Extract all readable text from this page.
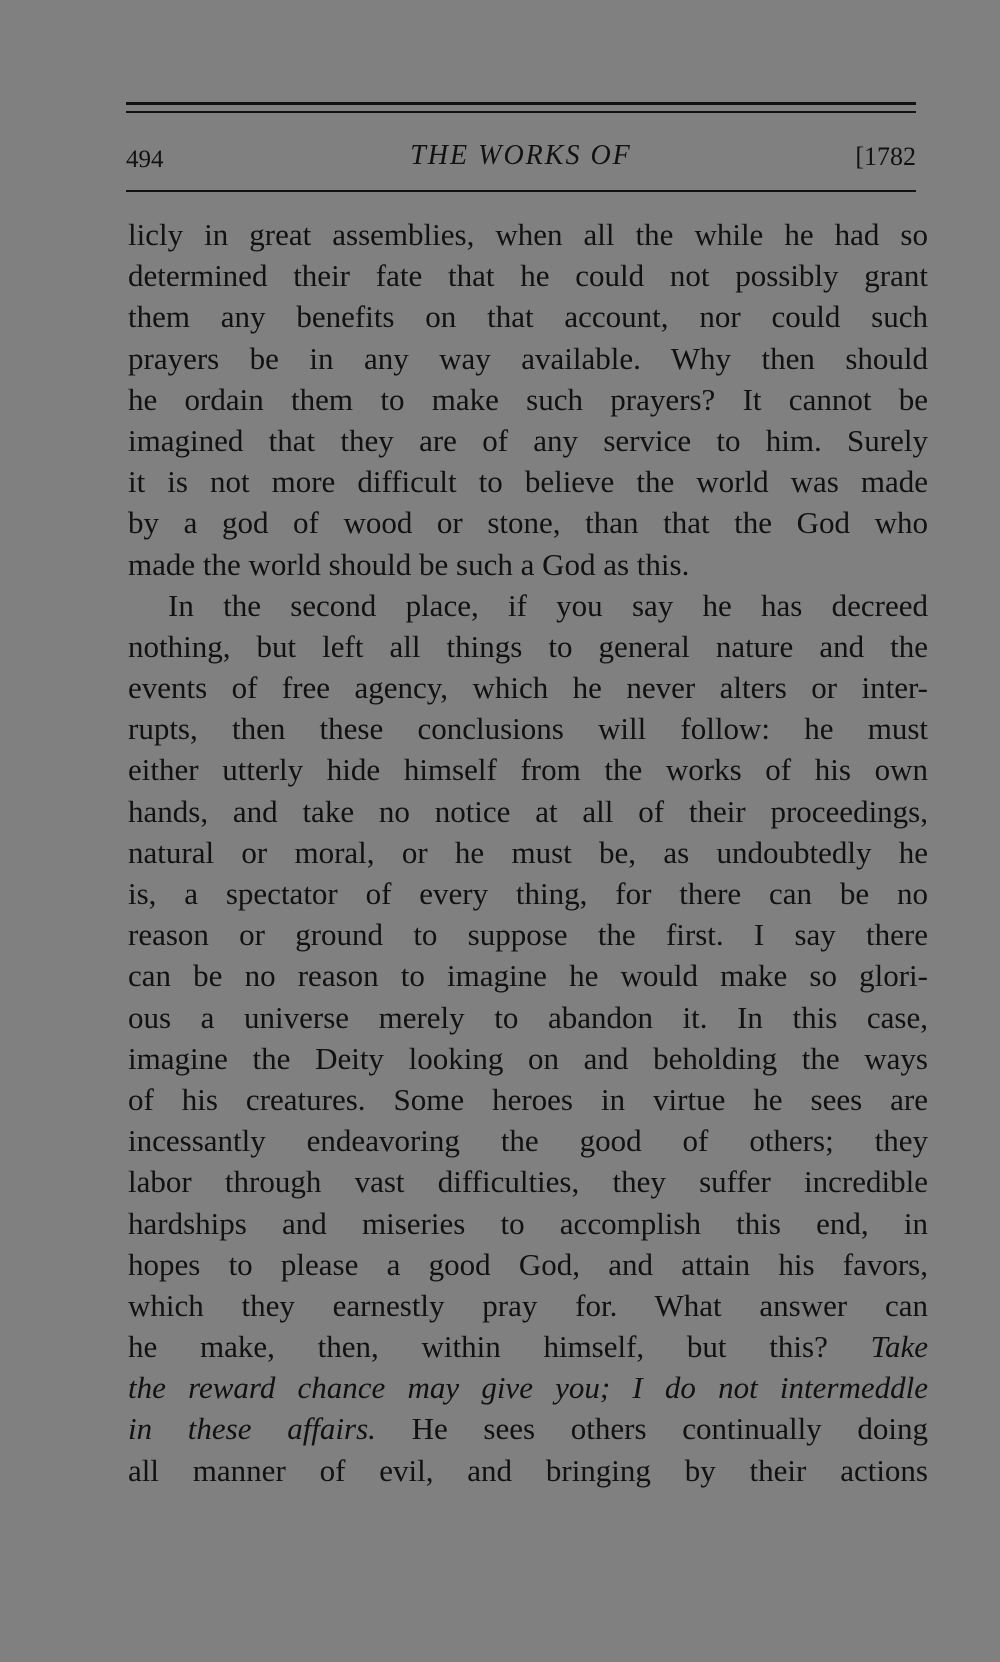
494	THE WORKS OF	[1782
licly in great assemblies, when all the while he had so
determined their fate that he could not possibly grant
them any benefits on that account, nor could such
prayers be in any way available. Why then should
he ordain them to make such prayers? It cannot be
imagined that they are of any service to him. Surely
it is not more difficult to believe the world was made
by a god of wood or stone, than that the God who
made the world should be such a God as this.
In the second place, if you say he has decreed
nothing, but left all things to general nature and the
events of free agency, which he never alters or inter-
rupts, then these conclusions will follow: he must
either utterly hide himself from the works of his own
hands, and take no notice at all of their proceedings,
natural or moral, or he must be, as undoubtedly he
is, a spectator of every thing, for there can be no
reason or ground to suppose the first. I say there
can be no reason to imagine he would make so glori-
ous a universe merely to abandon it. In this case,
imagine the Deity looking on and beholding the ways
of his creatures. Some heroes in virtue he sees are
incessantly endeavoring the good of others; they
labor through vast difficulties, they suffer incredible
hardships and miseries to accomplish this end, in
hopes to please a good God, and attain his favors,
which they earnestly pray for. What answer can
he make, then, within himself, but this? Take
the reward chance may give you; I do not intermeddle
in these affairs. He sees others continually doing
all manner of evil, and bringing by their actions
